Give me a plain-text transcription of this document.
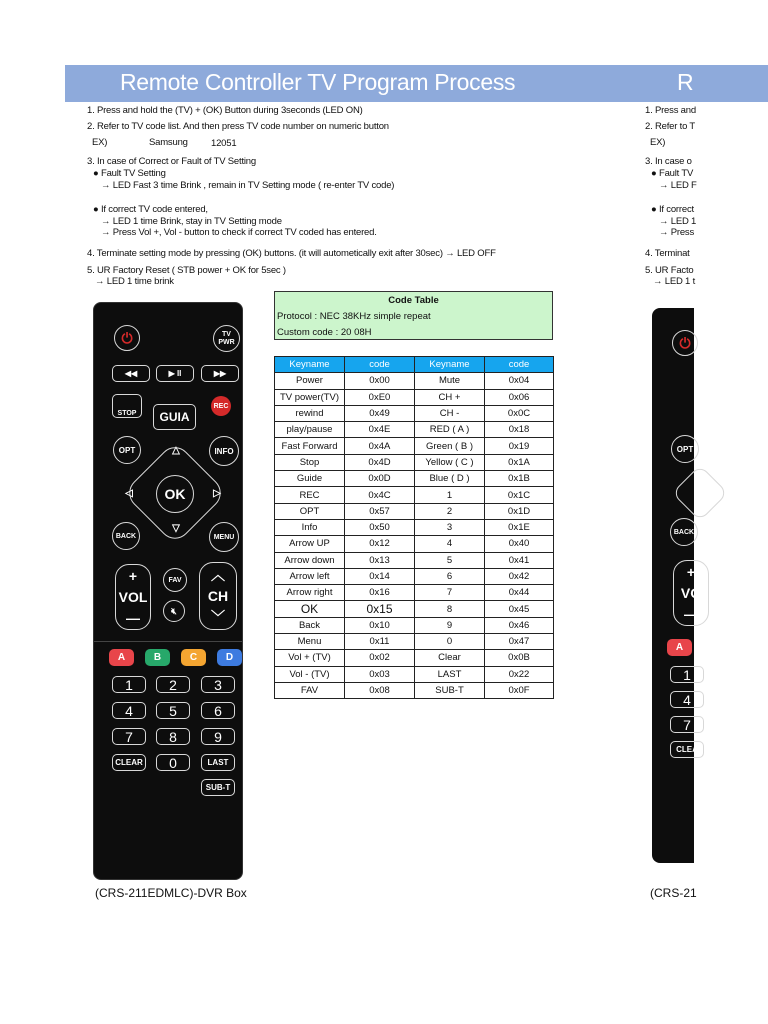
Remote Controller TV Program Process	R
1. Press and hold the (TV) + (OK) Button during 3seconds (LED ON)
2. Refer to TV code list. And then press TV code number on numeric button
EX)	Samsung 12051
3. In case of Correct or Fault of TV Setting
● Fault TV Setting
→ LED Fast 3 time Brink , remain in TV Setting mode ( re-enter TV code)
● If correct TV code entered,
→ LED 1 time Brink, stay in TV Setting mode
→ Press Vol +, Vol - button to check if correct TV coded has entered.
4. Terminate setting mode by pressing (OK) buttons. (it will autometically exit after 30sec) → LED OFF
5. UR Factory Reset ( STB power + OK for 5sec )
→ LED 1 time brink
1. Press and
2. Refer to T
EX)
3. In case o
● Fault TV
→ LED F
● If correct
→ LED 1
→ Press
4. Terminat
5. UR Facto
→ LED 1 t
Code Table
Protocol : NEC 38KHz simple repeat
Custom code : 20 08H
Keyname	code	Keyname	code
Power	0x00	Mute	0x04
TV power(TV)	0xE0	CH +	0x06
rewind	0x49	CH -	0x0C
play/pause	0x4E	RED ( A )	0x18
Fast Forward	0x4A	Green ( B )	0x19
Stop	0x4D	Yellow ( C )	0x1A
Guide	0x0D	Blue ( D )	0x1B
REC	0x4C	1	0x1C
OPT	0x57	2	0x1D
Info	0x50	3	0x1E
Arrow UP	0x12	4	0x40
Arrow down	0x13	5	0x41
Arrow left	0x14	6	0x42
Arrow right	0x16	7	0x44
OK	0x15	8	0x45
Back	0x10	9	0x46
Menu	0x11	0	0x47
Vol + (TV)	0x02	Clear	0x0B
Vol - (TV)	0x03	LAST	0x22
FAV	0x08	SUB-T	0x0F
⏻	TV PWR
◀◀	▶ II	▶▶
STOP	GUIA
REC
OPT	INFO
△
▽
◁	▷
OK
BACK	MENU
+
VOL
—
FAV
🔇︎
︿
CH
﹀
A	B	C	D
1	2	3
4	5	6
7	8	9
CLEAR	0	LAST
SUB-T
⏻
OPT
BACK
+
VO
—
A
1
4
7
CLEA
(CRS-211EDMLC)-DVR Box	(CRS-21
